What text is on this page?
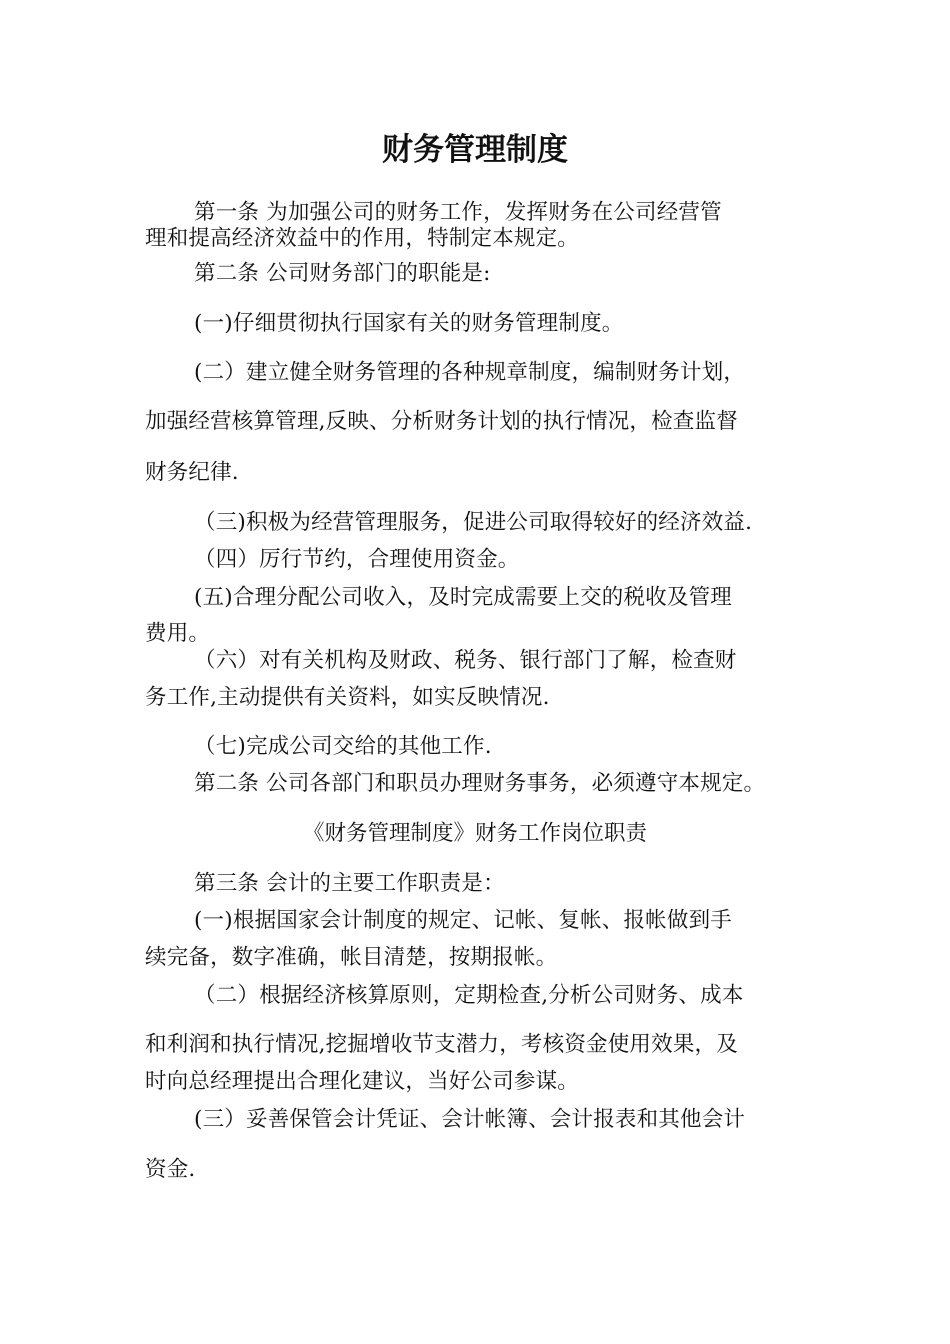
财务管理制度
第一条 为加强公司的财务工作，发挥财务在公司经营管
理和提高经济效益中的作用，特制定本规定。
第二条 公司财务部门的职能是:
(一)仔细贯彻执行国家有关的财务管理制度。
(二）建立健全财务管理的各种规章制度，编制财务计划，
加强经营核算管理,反映、分析财务计划的执行情况，检查监督
财务纪律.
（三)积极为经营管理服务，促进公司取得较好的经济效益.
（四）厉行节约，合理使用资金。
(五)合理分配公司收入，及时完成需要上交的税收及管理
费用。
（六）对有关机构及财政、税务、银行部门了解，检查财
务工作,主动提供有关资料，如实反映情况.
（七)完成公司交给的其他工作.
第二条 公司各部门和职员办理财务事务，必须遵守本规定。
《财务管理制度》财务工作岗位职责
第三条 会计的主要工作职责是：
(一)根据国家会计制度的规定、记帐、复帐、报帐做到手
续完备，数字准确，帐目清楚，按期报帐。
（二）根据经济核算原则，定期检查,分析公司财务、成本
和利润和执行情况,挖掘增收节支潜力，考核资金使用效果，及
时向总经理提出合理化建议，当好公司参谋。
(三）妥善保管会计凭证、会计帐簿、会计报表和其他会计
资金.
